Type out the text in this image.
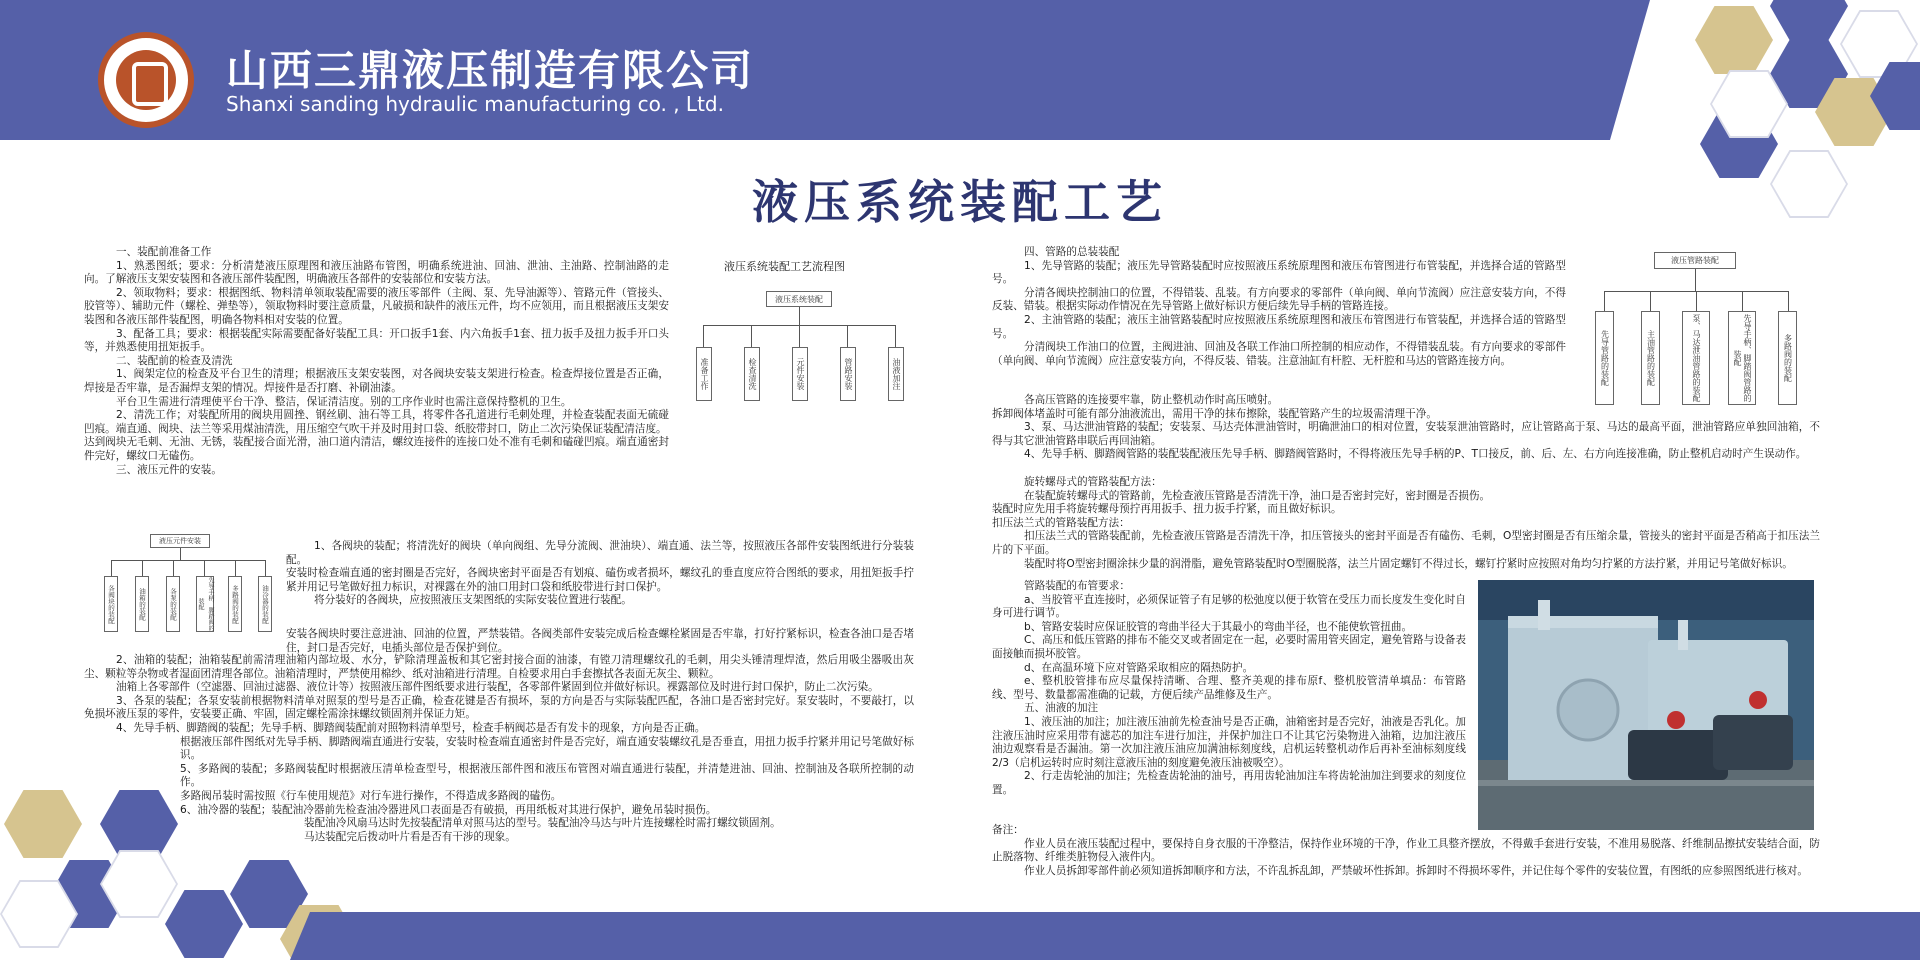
山西三鼎液压制造有限公司
Shanxi sanding hydraulic manufacturing co. , Ltd.
液压系统装配工艺

一、装配前准备工作

1、熟悉图纸；要求：分析清楚液压原理图和液压油路布管图，明确系统进油、回油、泄油、主油路、控制油路的走向。了解液压支架安装图和各液压部件装配图，明确液压各部件的安装部位和安装方法。

2、领取物料；要求：根据图纸、物料清单领取装配需要的液压零部件（主阀、泵、先导油源等）、管路元件（管接头、胶管等）、辅助元件（螺栓、弹垫等），领取物料时要注意质量，凡破损和缺件的液压元件，均不应领用，而且根据液压支架安装图和各液压部件装配图，明确各物料相对安装的位置。

3、配备工具；要求：根据装配实际需要配备好装配工具：开口扳手1套、内六角扳手1套、扭力扳手及扭力扳手开口头等，并熟悉使用扭矩扳手。

二、装配前的检查及清洗

1、阀架定位的检查及平台卫生的清理；根据液压支架安装图，对各阀块安装支架进行检查。检查焊接位置是否正确，焊接是否牢靠，是否漏焊支架的情况。焊接件是否打磨、补刷油漆。

平台卫生需进行清理使平台干净、整洁，保证清洁度。别的工序作业时也需注意保持整机的卫生。

2、清洗工作；对装配所用的阀块用圆挫、钢丝刷、油石等工具，将零件各孔道进行毛刺处理，并检查装配表面无硫碰凹痕。端直通、阀块、法兰等采用煤油清洗，用压缩空气吹干并及时用封口袋、纸胶带封口，防止二次污染保证装配清洁度。

达到阀块无毛刺、无油、无锈，装配接合面光滑，油口道内清洁，螺纹连接件的连接口处不准有毛刺和磕碰凹痕。端直通密封件完好，螺纹口无磕伤。

三、液压元件的安装。

液压系统装配工艺流程图
液压系统装配
准备工作	检查清洗	元件安装	管路安装	油液加注
液压元件安装
各阀块的装配	油箱的装配	各泵的装配	先导手柄、脚踏阀的装配	多路阀的装配	油冷器的装配

1、各阀块的装配；将清洗好的阀块（单向阀组、先导分流阀、泄油块）、端直通、法兰等，按照液压各部件安装图纸进行分装装配。

安装时检查端直通的密封圈是否完好，各阀块密封平面是否有划痕、磕伤或者损坏，螺纹孔的垂直度应符合图纸的要求，用扭矩扳手拧紧并用记号笔做好扭力标识，对裸露在外的油口用封口袋和纸胶带进行封口保护。

将分装好的各阀块，应按照液压支架图纸的实际安装位置进行装配。

安装各阀块时要注意进油、回油的位置，严禁装错。各阀类部件安装完成后检查螺栓紧固是否牢靠，打好拧紧标识，检查各油口是否堵住，封口是否完好，电插头部位是否保护到位。

2、油箱的装配；油箱装配前需清理油箱内部垃圾、水分，铲除清理盖板和其它密封接合面的油漆，有镗刀清理螺纹孔的毛刺，用尖头锤清理焊渣，然后用吸尘器吸出灰尘、颗粒等杂物或者湿面团清理各部位。油箱清理时，严禁使用棉纱、纸对油箱进行清理。自检要求用白手套擦拭各表面无灰尘、颗粒。

油箱上各零部件（空滤器、回油过滤器、液位计等）按照液压部件图纸要求进行装配，各零部件紧固到位并做好标识。裸露部位及时进行封口保护，防止二次污染。

3、各泵的装配；各泵安装前根据物料清单对照泵的型号是否正确，检查花键是否有损坏，泵的方向是否与实际装配匹配，各油口是否密封完好。泵安装时，不要敲打，以免损坏液压泵的零件，安装要正确、牢固，固定螺栓需涂抹螺纹锁固剂并保证力矩。

4、先导手柄、脚踏阀的装配；先导手柄、脚踏阀装配前对照物料清单型号，检查手柄阀芯是否有发卡的现象，方向是否正确。

根据液压部件图纸对先导手柄、脚踏阀端直通进行安装，安装时检查端直通密封件是否完好，端直通安装螺纹孔是否垂直，用扭力扳手拧紧并用记号笔做好标识。

5、多路阀的装配；多路阀装配时根据液压清单检查型号，根据液压部件图和液压布管图对端直通进行装配，并清楚进油、回油、控制油及各联所控制的动作。

多路阀吊装时需按照《行车使用规范》对行车进行操作，不得造成多路阀的磕伤。

6、油冷器的装配；装配油冷器前先检查油冷器进风口表面是否有破损，再用纸板对其进行保护，避免吊装时损伤。

装配油冷风扇马达时先按装配清单对照马达的型号。装配油冷马达与叶片连接螺栓时需打螺纹锁固剂。

马达装配完后拨动叶片看是否有干涉的现象。

液压管路装配
先导管路的装配	主油管路的装配	泵、马达泄油管路的装配	先导手柄、脚踏阀管路的装配	多路阀的装配

四、管路的总装装配

1、先导管路的装配；液压先导管路装配时应按照液压系统原理图和液压布管图进行布管装配，并选择合适的管路型号。

分清各阀块控制油口的位置，不得错装、乱装。有方向要求的零部件（单向阀、单向节流阀）应注意安装方向，不得反装、错装。根据实际动作情况在先导管路上做好标识方便后续先导手柄的管路连接。

2、主油管路的装配；液压主油管路装配时应按照液压系统原理图和液压布管图进行布管装配，并选择合适的管路型号。

分清阀块工作油口的位置，主阀进油、回油及各联工作油口所控制的相应动作，不得错装乱装。有方向要求的零部件（单向阀、单向节流阀）应注意安装方向，不得反装、错装。注意油缸有杆腔、无杆腔和马达的管路连接方向。

各高压管路的连接要牢靠，防止整机动作时高压喷射。

拆卸阀体堵盖时可能有部分油液流出，需用干净的抹布擦除，装配管路产生的垃圾需清理干净。

3、泵、马达泄油管路的装配；安装泵、马达壳体泄油管时，明确泄油口的相对位置，安装泵泄油管路时，应让管路高于泵、马达的最高平面，泄油管路应单独回油箱，不得与其它泄油管路串联后再回油箱。

4、先导手柄、脚踏阀管路的装配装配液压先导手柄、脚踏阀管路时，不得将液压先导手柄的P、T口接反，前、后、左、右方向连接准确，防止整机启动时产生误动作。

旋转螺母式的管路装配方法：

在装配旋转螺母式的管路前，先检查液压管路是否清洗干净，油口是否密封完好，密封圈是否损伤。

装配时应先用手将旋转螺母预拧再用扳手、扭力扳手拧紧，而且做好标识。

扣压法兰式的管路装配方法：

扣压法兰式的管路装配前，先检查液压管路是否清洗干净，扣压管接头的密封平面是否有磕伤、毛刺，O型密封圈是否有压缩余量，管接头的密封平面是否稍高于扣压法兰片的下平面。

装配时将O型密封圈涂抹少量的润滑脂，避免管路装配时O型圈脱落，法兰片固定螺钉不得过长，螺钉拧紧时应按照对角均匀拧紧的方法拧紧，并用记号笔做好标识。

管路装配的布管要求：

a、当胶管平直连接时，必须保证管子有足够的松弛度以便于软管在受压力而长度发生变化时自身可进行调节。

b、管路安装时应保证胶管的弯曲半径大于其最小的弯曲半径，也不能使软管扭曲。

C、高压和低压管路的排布不能交叉或者固定在一起，必要时需用管夹固定，避免管路与设备表面接触而损坏胶管。

d、在高温环境下应对管路采取相应的隔热防护。

e、整机胶管排布应尽量保持清晰、合理、整齐美观的排布原f、整机胶管清单填品：布管路线、型号、数量都需准确的记载，方便后续产品维修及生产。

五、油液的加注

1、液压油的加注；加注液压油前先检查油号是否正确，油箱密封是否完好，油液是否乳化。加注液压油时应采用带有滤芯的加注车进行加注，并保护加注口不让其它污染物进入油箱，边加注液压油边观察看是否漏油。第一次加注液压油应加满油标刻度线，启机运转整机动作后再补至油标刻度线2/3（启机运转时应时刻注意液压油的刻度避免液压油被吸空）。

2、行走齿轮油的加注；先检查齿轮油的油号，再用齿轮油加注车将齿轮油加注到要求的刻度位置。

备注：

作业人员在液压装配过程中，要保持自身衣服的干净整洁，保持作业环境的干净，作业工具整齐摆放，不得戴手套进行安装，不准用易脱落、纤维制品擦拭安装结合面，防止脱落物、纤维类脏物侵入液件内。

作业人员拆卸零部件前必须知道拆卸顺序和方法，不许乱拆乱卸，严禁破坏性拆卸。拆卸时不得损坏零件，并记住每个零件的安装位置，有图纸的应参照图纸进行核对。
